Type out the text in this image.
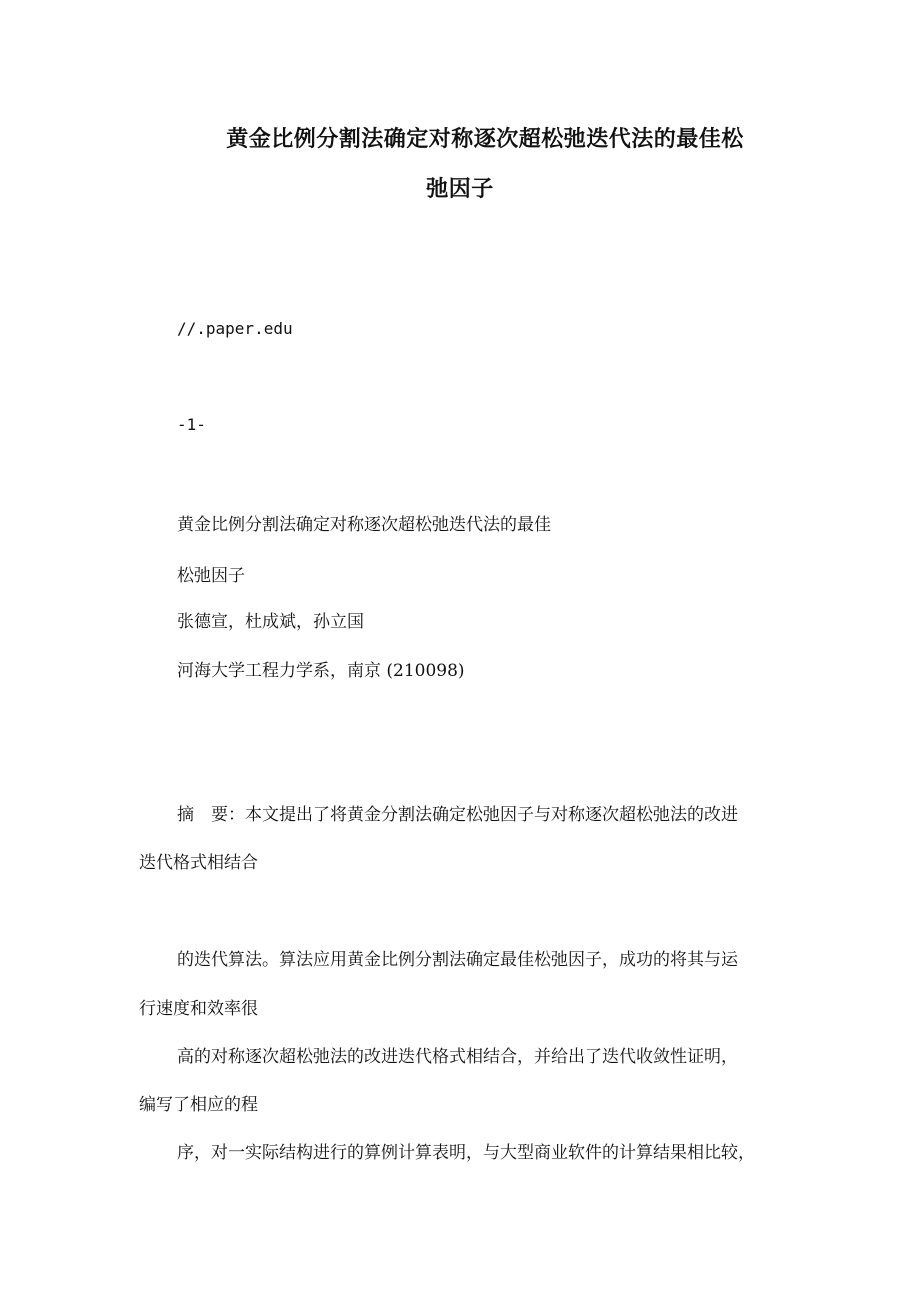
黄金比例分割法确定对称逐次超松弛迭代法的最佳松
弛因子
//.paper.edu
-1-
黄金比例分割法确定对称逐次超松弛迭代法的最佳
松弛因子
张德宣，杜成斌，孙立国
河海大学工程力学系，南京 (210098)
摘　要：本文提出了将黄金分割法确定松弛因子与对称逐次超松弛法的改进
迭代格式相结合
的迭代算法。算法应用黄金比例分割法确定最佳松弛因子，成功的将其与运
行速度和效率很
高的对称逐次超松弛法的改进迭代格式相结合，并给出了迭代收敛性证明，
编写了相应的程
序，对一实际结构进行的算例计算表明，与大型商业软件的计算结果相比较，
